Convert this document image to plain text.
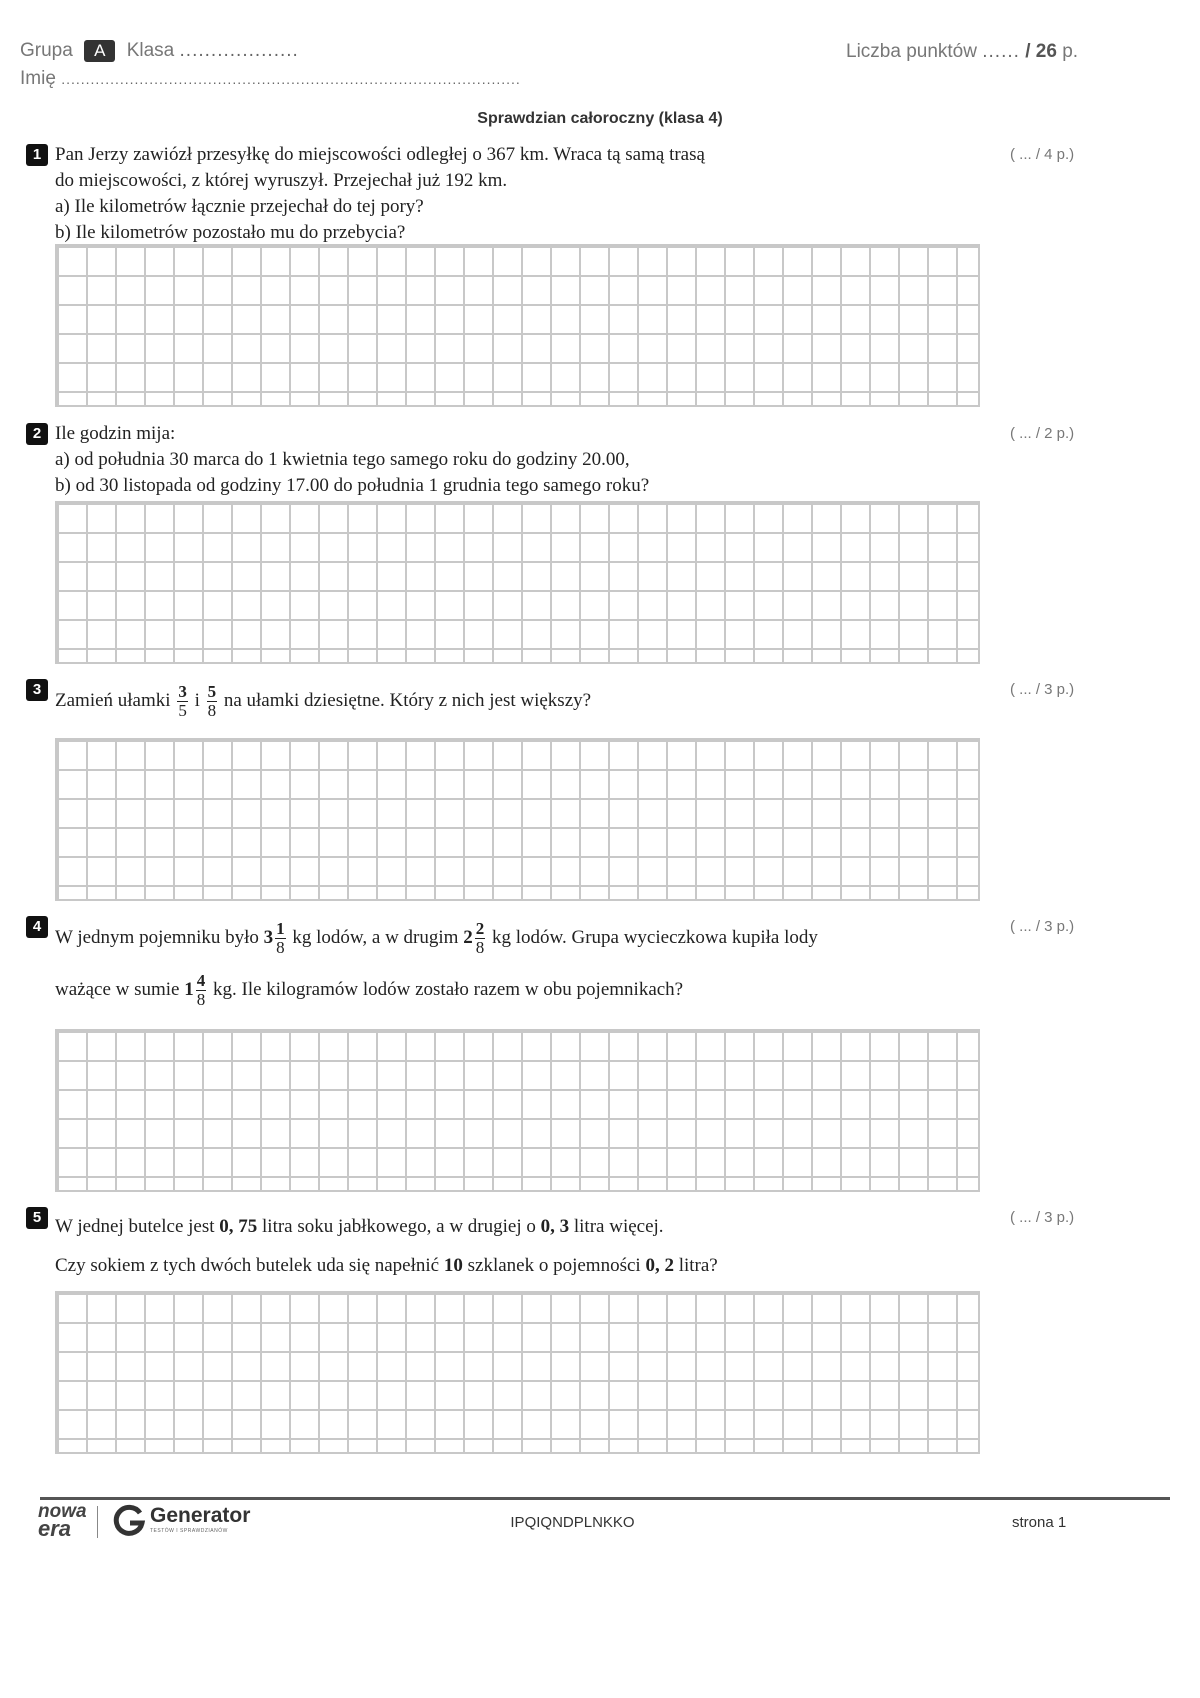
Grupa A Klasa ...................
Imię ..............................................................................................
Liczba punktów ...... / 26 p.
Sprawdzian całoroczny (klasa 4)
1	( ... / 4 p.)
Pan Jerzy zawiózł przesyłkę do miejscowości odległej o 367 km. Wraca tą samą trasą
do miejscowości, z której wyruszył. Przejechał już 192 km.
a) Ile kilometrów łącznie przejechał do tej pory?
b) Ile kilometrów pozostało mu do przebycia?
2	( ... / 2 p.)
Ile godzin mija:
a) od południa 30 marca do 1 kwietnia tego samego roku do godziny 20.00,
b) od 30 listopada od godziny 17.00 do południa 1 grudnia tego samego roku?
3	( ... / 3 p.)
Zamień ułamki $\frac{3}{5}$ i $\frac{5}{8}$ na ułamki dziesiętne. Który z nich jest większy?
4	( ... / 3 p.)
W jednym pojemniku było $3 \frac{1}{8}$ kg lodów, a w drugim $2 \frac{2}{8}$ kg lodów. Grupa wycieczkowa kupiła lody
ważące w sumie $1 \frac{4}{8}$ kg. Ile kilogramów lodów zostało razem w obu pojemnikach?
5	( ... / 3 p.)
W jednej butelce jest 0, 75 litra soku jabłkowego, a w drugiej o 0, 3 litra więcej.
Czy sokiem z tych dwóch butelek uda się napełnić 10 szklanek o pojemności 0, 2 litra?
nowa
era
Generator
TESTÓW I SPRAWDZIANÓW	IPQIQNDPLNKKO	strona 1
